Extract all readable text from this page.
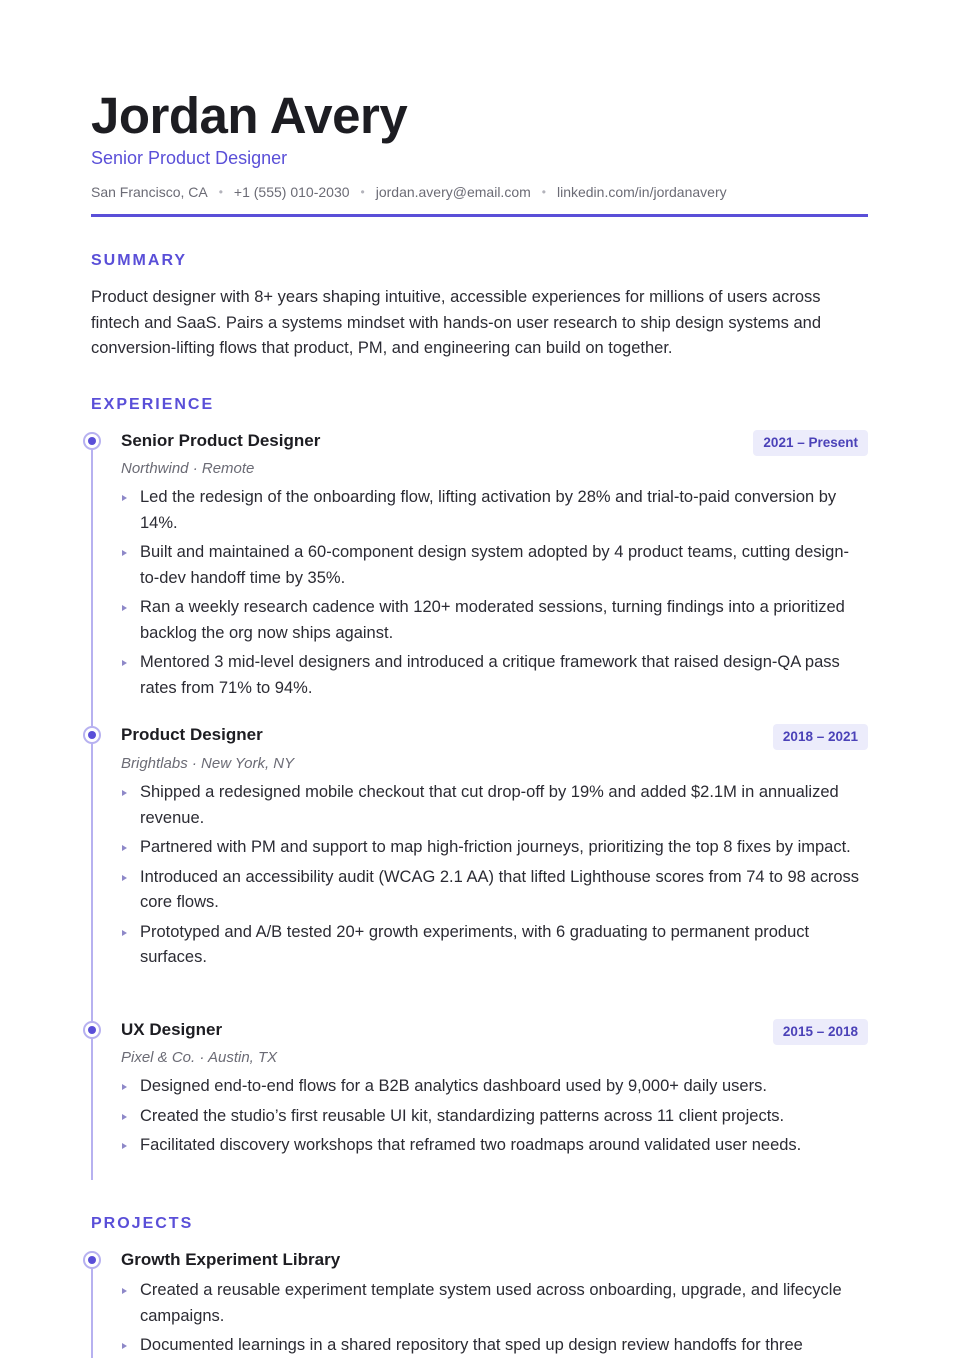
Jordan Avery
Senior Product Designer
San Francisco, CA • +1 (555) 010-2030 • jordan.avery@email.com • linkedin.com/in/jordanavery
SUMMARY

Product designer with 8+ years shaping intuitive, accessible experiences for millions of users across fintech and SaaS. Pairs a systems mindset with hands-on user research to ship design systems and conversion-lifting flows that product, PM, and engineering can build on together.

EXPERIENCE
Senior Product Designer	2021 – Present
Northwind · Remote
Led the redesign of the onboarding flow, lifting activation by 28% and trial-to-paid conversion by 14%.
Built and maintained a 60-component design system adopted by 4 product teams, cutting design-to-dev handoff time by 35%.
Ran a weekly research cadence with 120+ moderated sessions, turning findings into a prioritized backlog the org now ships against.
Mentored 3 mid-level designers and introduced a critique framework that raised design-QA pass rates from 71% to 94%.
Product Designer	2018 – 2021
Brightlabs · New York, NY
Shipped a redesigned mobile checkout that cut drop-off by 19% and added $2.1M in annualized revenue.
Partnered with PM and support to map high-friction journeys, prioritizing the top 8 fixes by impact.
Introduced an accessibility audit (WCAG 2.1 AA) that lifted Lighthouse scores from 74 to 98 across core flows.
Prototyped and A/B tested 20+ growth experiments, with 6 graduating to permanent product surfaces.
UX Designer	2015 – 2018
Pixel & Co. · Austin, TX
Designed end-to-end flows for a B2B analytics dashboard used by 9,000+ daily users.
Created the studio’s first reusable UI kit, standardizing patterns across 11 client projects.
Facilitated discovery workshops that reframed two roadmaps around validated user needs.
PROJECTS
Growth Experiment Library
Created a reusable experiment template system used across onboarding, upgrade, and lifecycle campaigns.
Documented learnings in a shared repository that sped up design review handoffs for three
